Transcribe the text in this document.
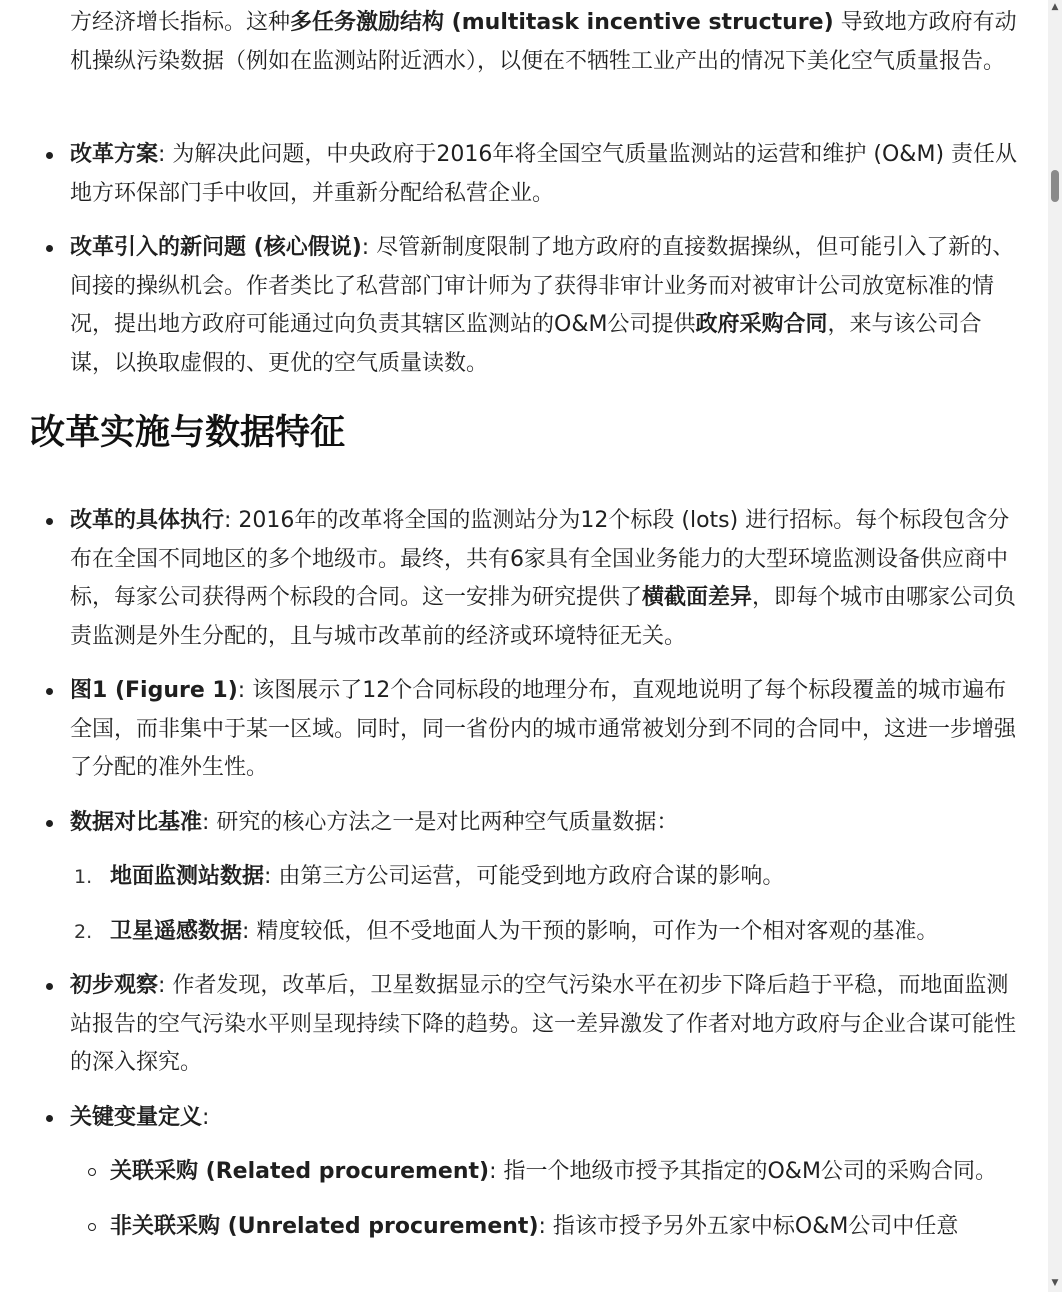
方经济增长指标。这种多任务激励结构 (multitask incentive structure) 导致地方政府有动机操纵污染数据（例如在监测站附近洒水），以便在不牺牲工业产出的情况下美化空气质量报告。

改革方案: 为解决此问题，中央政府于2016年将全国空气质量监测站的运营和维护 (O&M) 责任从地方环保部门手中收回，并重新分配给私营企业。
改革引入的新问题 (核心假说): 尽管新制度限制了地方政府的直接数据操纵，但可能引入了新的、间接的操纵机会。作者类比了私营部门审计师为了获得非审计业务而对被审计公司放宽标准的情况，提出地方政府可能通过向负责其辖区监测站的O&M公司提供政府采购合同，来与该公司合谋，以换取虚假的、更优的空气质量读数。
改革实施与数据特征
改革的具体执行: 2016年的改革将全国的监测站分为12个标段 (lots) 进行招标。每个标段包含分布在全国不同地区的多个地级市。最终，共有6家具有全国业务能力的大型环境监测设备供应商中标，每家公司获得两个标段的合同。这一安排为研究提供了横截面差异，即每个城市由哪家公司负责监测是外生分配的，且与城市改革前的经济或环境特征无关。
图1 (Figure 1): 该图展示了12个合同标段的地理分布，直观地说明了每个标段覆盖的城市遍布全国，而非集中于某一区域。同时，同一省份内的城市通常被划分到不同的合同中，这进一步增强了分配的准外生性。
数据对比基准: 研究的核心方法之一是对比两种空气质量数据：
1. 地面监测站数据: 由第三方公司运营，可能受到地方政府合谋的影响。
2. 卫星遥感数据: 精度较低，但不受地面人为干预的影响，可作为一个相对客观的基准。
初步观察: 作者发现，改革后，卫星数据显示的空气污染水平在初步下降后趋于平稳，而地面监测站报告的空气污染水平则呈现持续下降的趋势。这一差异激发了作者对地方政府与企业合谋可能性的深入探究。
关键变量定义:
关联采购 (Related procurement): 指一个地级市授予其指定的O&M公司的采购合同。
非关联采购 (Unrelated procurement): 指该市授予另外五家中标O&M公司中任意
▲
▼
